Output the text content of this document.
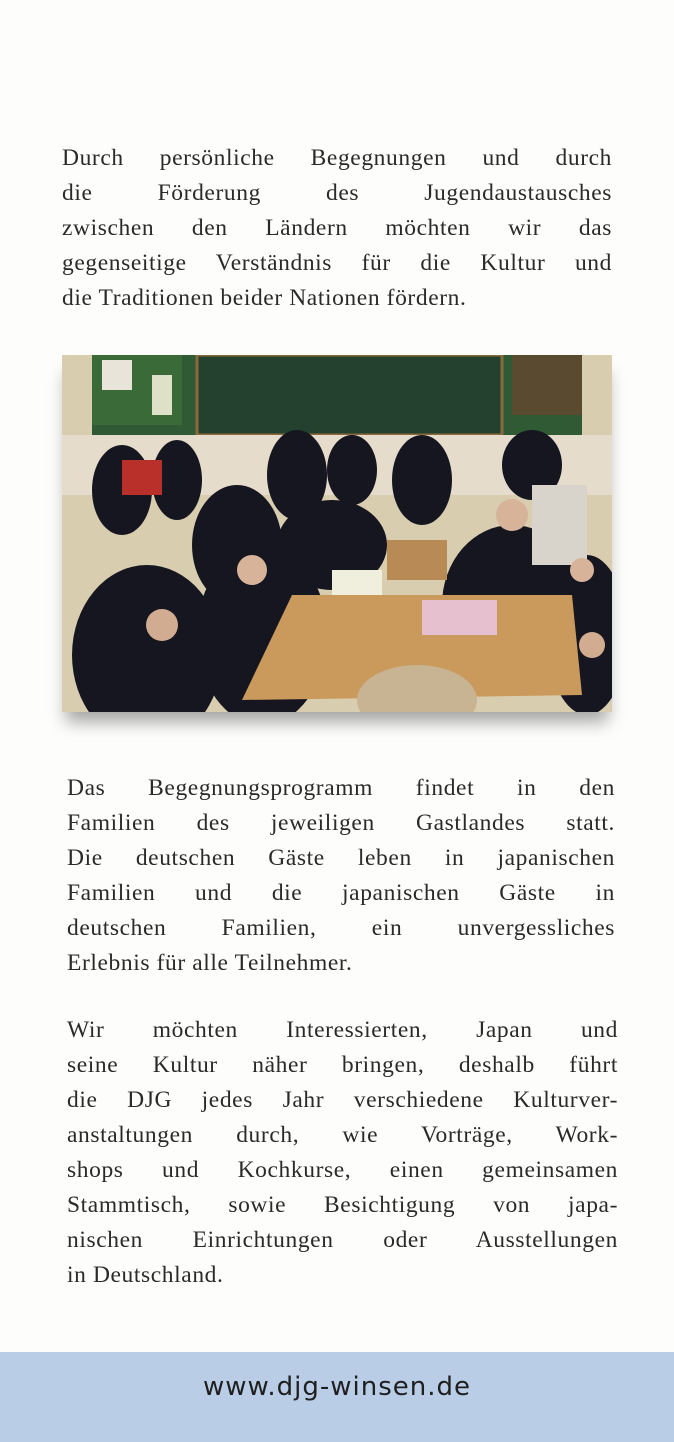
Durch persönliche Begegnungen und durch
die Förderung des Jugendaustausches
zwischen den Ländern möchten wir das
gegenseitige Verständnis für die Kultur und
die Traditionen beider Nationen fördern.
Das Begegnungsprogramm findet in den
Familien des jeweiligen Gastlandes statt.
Die deutschen Gäste leben in japanischen
Familien und die japanischen Gäste in
deutschen Familien, ein unvergessliches
Erlebnis für alle Teilnehmer.
Wir möchten Interessierten, Japan und
seine Kultur näher bringen, deshalb führt
die DJG jedes Jahr verschiedene Kulturver-
anstaltungen durch, wie Vorträge, Work-
shops und Kochkurse, einen gemeinsamen
Stammtisch, sowie Besichtigung von japa-
nischen Einrichtungen oder Ausstellungen
in Deutschland.
www.djg-winsen.de
